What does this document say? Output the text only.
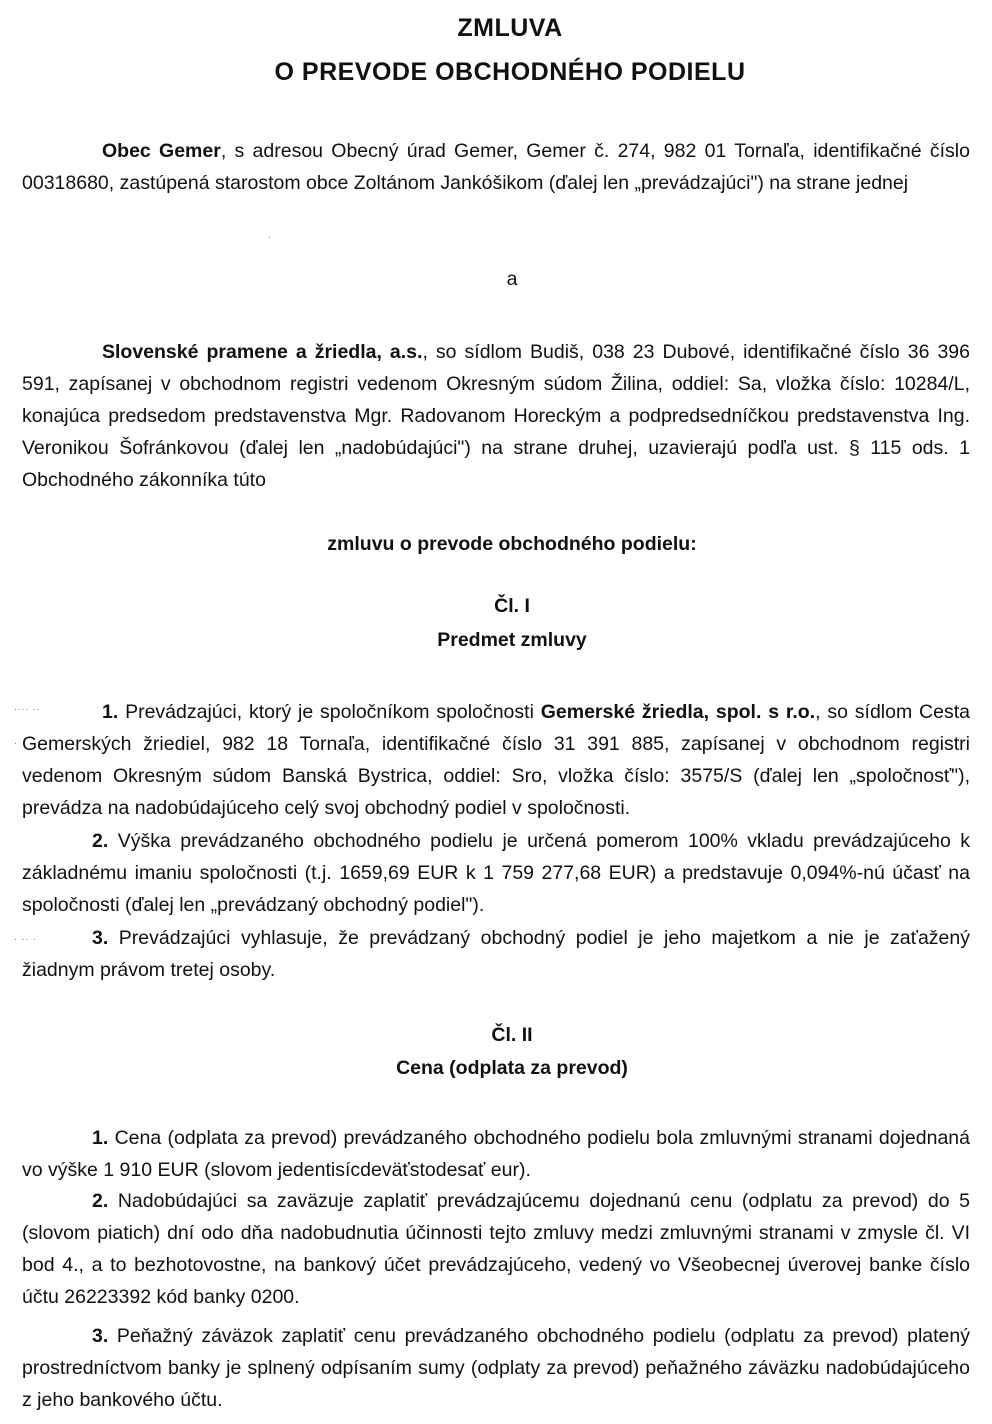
ZMLUVA
O PREVODE OBCHODNÉHO PODIELU

Obec Gemer, s adresou Obecný úrad Gemer, Gemer č. 274, 982 01 Tornaľa, identifikačné číslo 00318680, zastúpená starostom obce Zoltánom Jankóšikom (ďalej len „prevádzajúci") na strane jednej

a

Slovenské pramene a žriedla, a.s., so sídlom Budiš, 038 23 Dubové, identifikačné číslo 36 396 591, zapísanej v obchodnom registri vedenom Okresným súdom Žilina, oddiel: Sa, vložka číslo: 10284/L, konajúca predsedom predstavenstva Mgr. Radovanom Horeckým a podpredsedníčkou predstavenstva Ing. Veronikou Šofránkovou (ďalej len „nadobúdajúci") na strane druhej, uzavierajú podľa ust. § 115 ods. 1 Obchodného zákonníka túto

zmluvu o prevode obchodného podielu:

Čl. I

Predmet zmluvy

1. Prevádzajúci, ktorý je spoločníkom spoločnosti Gemerské žriedla, spol. s r.o., so sídlom Cesta Gemerských žriediel, 982 18 Tornaľa, identifikačné číslo 31 391 885, zapísanej v obchodnom registri vedenom Okresným súdom Banská Bystrica, oddiel: Sro, vložka číslo: 3575/S (ďalej len „spoločnosť"), prevádza na nadobúdajúceho celý svoj obchodný podiel v spoločnosti.

2. Výška prevádzaného obchodného podielu je určená pomerom 100% vkladu prevádzajúceho k základnému imaniu spoločnosti (t.j. 1659,69 EUR k 1 759 277,68 EUR) a predstavuje 0,094%-nú účasť na spoločnosti (ďalej len „prevádzaný obchodný podiel").

3. Prevádzajúci vyhlasuje, že prevádzaný obchodný podiel je jeho majetkom a nie je zaťažený žiadnym právom tretej osoby.

Čl. II

Cena (odplata za prevod)

1. Cena (odplata za prevod) prevádzaného obchodného podielu bola zmluvnými stranami dojednaná vo výške 1 910 EUR (slovom jedentisícdeväťstodesať eur).

2. Nadobúdajúci sa zaväzuje zaplatiť prevádzajúcemu dojednanú cenu (odplatu za prevod) do 5 (slovom piatich) dní odo dňa nadobudnutia účinnosti tejto zmluvy medzi zmluvnými stranami v zmysle čl. VI bod 4., a to bezhotovostne, na bankový účet prevádzajúceho, vedený vo Všeobecnej úverovej banke číslo účtu 26223392 kód banky 0200.

3. Peňažný záväzok zaplatiť cenu prevádzaného obchodného podielu (odplatu za prevod) platený prostredníctvom banky je splnený odpísaním sumy (odplaty za prevod) peňažného záväzku nadobúdajúceho z jeho bankového účtu.

∙∙∙∙ ∙∙
∙
∙ ∙∙ ∙
∙
